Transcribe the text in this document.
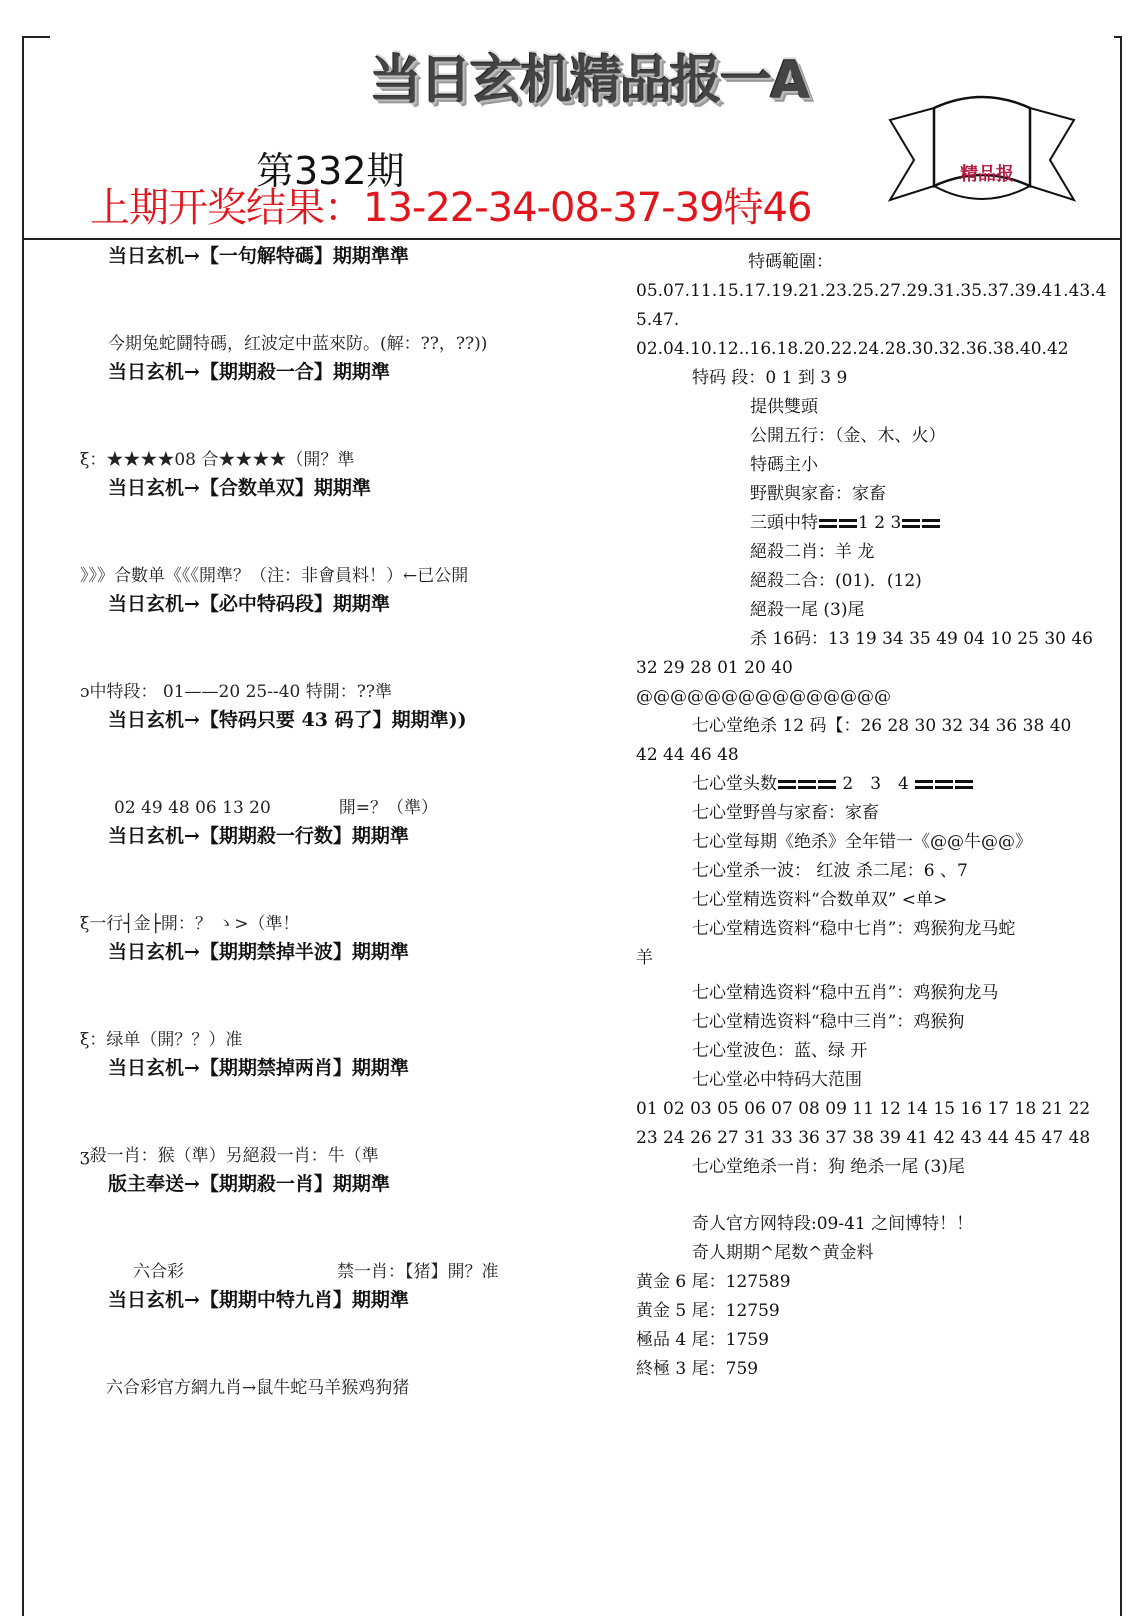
当日玄机精品报一A
精品报
第332期
上期开奖结果：13-22-34-08-37-39特46
当日玄机→【一句解特碼】期期準準
今期兔蛇鬪特碼，红波定中蓝來防。(解：??，??))
当日玄机→【期期殺一合】期期準
ξ：★★★★08 合★★★★（開？準
当日玄机→【合数单双】期期準
》》》合數单《《《開準？（注：非會員料！）←已公開
当日玄机→【必中特码段】期期準
ɔ中特段： 01——20 25--40 特開：??準
当日玄机→【特码只要 43 码了】期期準))
02 49 48 06 13 20　　　　開=？（準）
当日玄机→【期期殺一行数】期期準
ξ一行┤金├開：？ ゝ>（準！
当日玄机→【期期禁掉半波】期期準
ξ：绿单（開？？）准
当日玄机→【期期禁掉两肖】期期準
ʒ殺一肖：猴（準）另絕殺一肖：牛（準
版主奉送→【期期殺一肖】期期準
　六合彩　　　　　　　　　禁一肖：【猪】開？准
当日玄机→【期期中特九肖】期期準
六合彩官方網九肖→鼠牛蛇马羊猴鸡狗猪
特碼範圍：
05.07.11.15.17.19.21.23.25.27.29.31.35.37.39.41.43.4
5.47.
02.04.10.12..16.18.20.22.24.28.30.32.36.38.40.42
特码 段：0 1 到 3 9
提供雙頭
公開五行：（金、木、火）
特碼主小
野獸與家畜：家畜
三頭中特 1 2 3
絕殺二肖：羊 龙
絕殺二合：(01)．(12)
絕殺一尾 (3)尾
杀 16码：13 19 34 35 49 04 10 25 30 46
32 29 28 01 20 40
@@@@@@@@@@@@@@@
七心堂绝杀 12 码【：26 28 30 32 34 36 38 40
42 44 46 48
七心堂头数	2　3　4
七心堂野兽与家畜：家畜
七心堂每期《绝杀》全年错一《@@牛@@》
七心堂杀一波： 红波 杀二尾：6 、7
七心堂精选资料“合数单双” <单>
七心堂精选资料“稳中七肖”：鸡猴狗龙马蛇
羊
七心堂精选资料“稳中五肖”：鸡猴狗龙马
七心堂精选资料“稳中三肖”：鸡猴狗
七心堂波色：蓝、绿 开
七心堂必中特码大范围
01 02 03 05 06 07 08 09 11 12 14 15 16 17 18 21 22
23 24 26 27 31 33 36 37 38 39 41 42 43 44 45 47 48
七心堂绝杀一肖：狗 绝杀一尾 (3)尾
奇人官方网特段:09-41 之间博特！！
奇人期期^尾数^黄金料
黄金 6 尾：127589
黄金 5 尾：12759
極品 4 尾：1759
終極 3 尾：759
